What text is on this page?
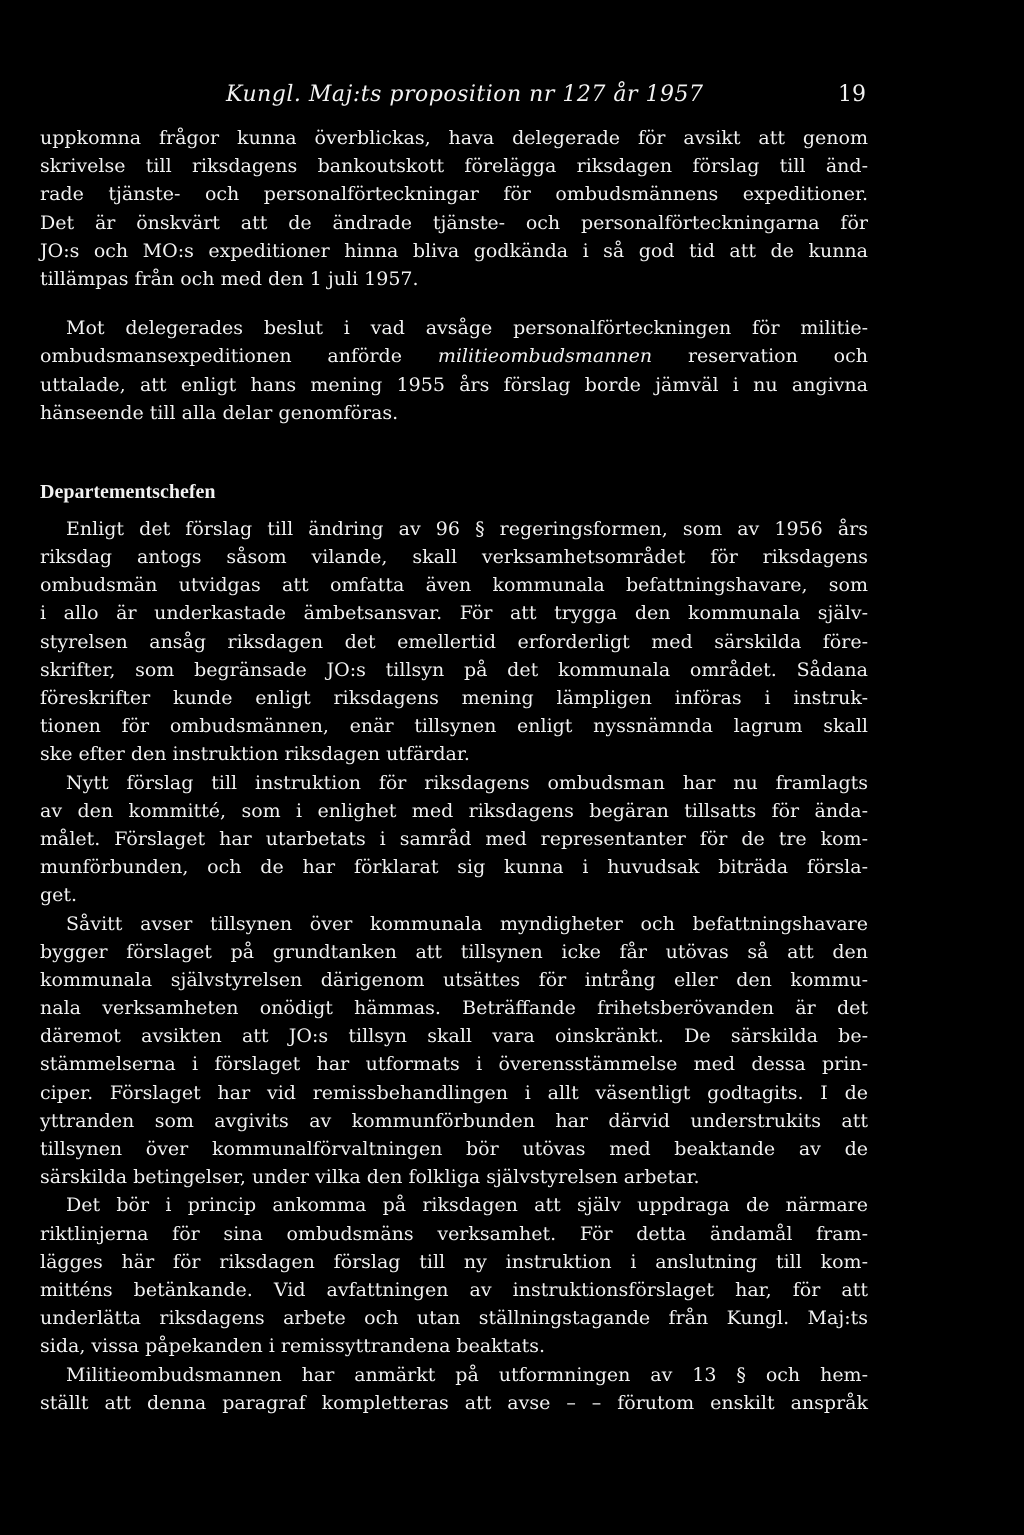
Kungl. Maj:ts proposition nr 127 år 1957	19
uppkomna frågor kunna överblickas, hava delegerade för avsikt att genom
skrivelse till riksdagens bankoutskott förelägga riksdagen förslag till änd-
rade tjänste- och personalförteckningar för ombudsmännens expeditioner.
Det är önskvärt att de ändrade tjänste- och personalförteckningarna för
JO:s och MO:s expeditioner hinna bliva godkända i så god tid att de kunna
tillämpas från och med den 1 juli 1957.
Mot delegerades beslut i vad avsåge personalförteckningen för militie-
ombudsmansexpeditionen anförde militieombudsmannen reservation och
uttalade, att enligt hans mening 1955 års förslag borde jämväl i nu angivna
hänseende till alla delar genomföras.
Departementschefen
Enligt det förslag till ändring av 96 § regeringsformen, som av 1956 års
riksdag antogs såsom vilande, skall verksamhetsområdet för riksdagens
ombudsmän utvidgas att omfatta även kommunala befattningshavare, som
i allo är underkastade ämbetsansvar. För att trygga den kommunala själv-
styrelsen ansåg riksdagen det emellertid erforderligt med särskilda före-
skrifter, som begränsade JO:s tillsyn på det kommunala området. Sådana
föreskrifter kunde enligt riksdagens mening lämpligen införas i instruk-
tionen för ombudsmännen, enär tillsynen enligt nyssnämnda lagrum skall
ske efter den instruktion riksdagen utfärdar.
Nytt förslag till instruktion för riksdagens ombudsman har nu framlagts
av den kommitté, som i enlighet med riksdagens begäran tillsatts för ända-
målet. Förslaget har utarbetats i samråd med representanter för de tre kom-
munförbunden, och de har förklarat sig kunna i huvudsak biträda försla-
get.
Såvitt avser tillsynen över kommunala myndigheter och befattningshavare
bygger förslaget på grundtanken att tillsynen icke får utövas så att den
kommunala självstyrelsen därigenom utsättes för intrång eller den kommu-
nala verksamheten onödigt hämmas. Beträffande frihetsberövanden är det
däremot avsikten att JO:s tillsyn skall vara oinskränkt. De särskilda be-
stämmelserna i förslaget har utformats i överensstämmelse med dessa prin-
ciper. Förslaget har vid remissbehandlingen i allt väsentligt godtagits. I de
yttranden som avgivits av kommunförbunden har därvid understrukits att
tillsynen över kommunalförvaltningen bör utövas med beaktande av de
särskilda betingelser, under vilka den folkliga självstyrelsen arbetar.
Det bör i princip ankomma på riksdagen att själv uppdraga de närmare
riktlinjerna för sina ombudsmäns verksamhet. För detta ändamål fram-
lägges här för riksdagen förslag till ny instruktion i anslutning till kom-
mitténs betänkande. Vid avfattningen av instruktionsförslaget har, för att
underlätta riksdagens arbete och utan ställningstagande från Kungl. Maj:ts
sida, vissa påpekanden i remissyttrandena beaktats.
Militieombudsmannen har anmärkt på utformningen av 13 § och hem-
ställt att denna paragraf kompletteras att avse – – förutom enskilt anspråk
